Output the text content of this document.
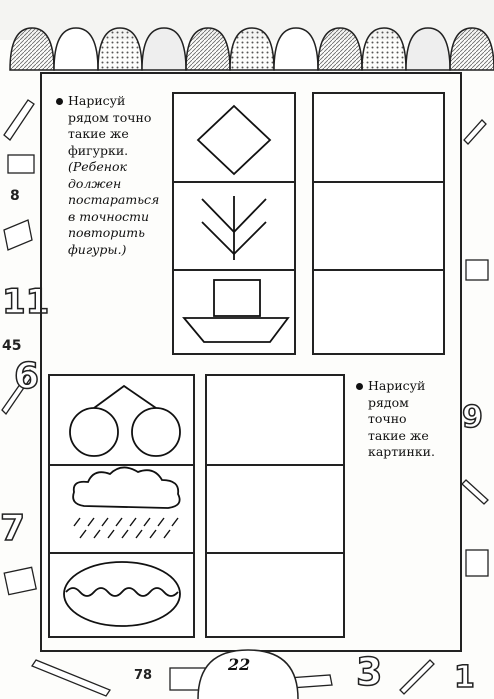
8
11
45
6
7
9
78	3 1
Нарисуй
рядом точно
такие же
фигурки.
(Ребенок
должен
постараться
в точности
повторить
фигуры.)
Нарисуй
рядом
точно
такие же
картинки.
22
